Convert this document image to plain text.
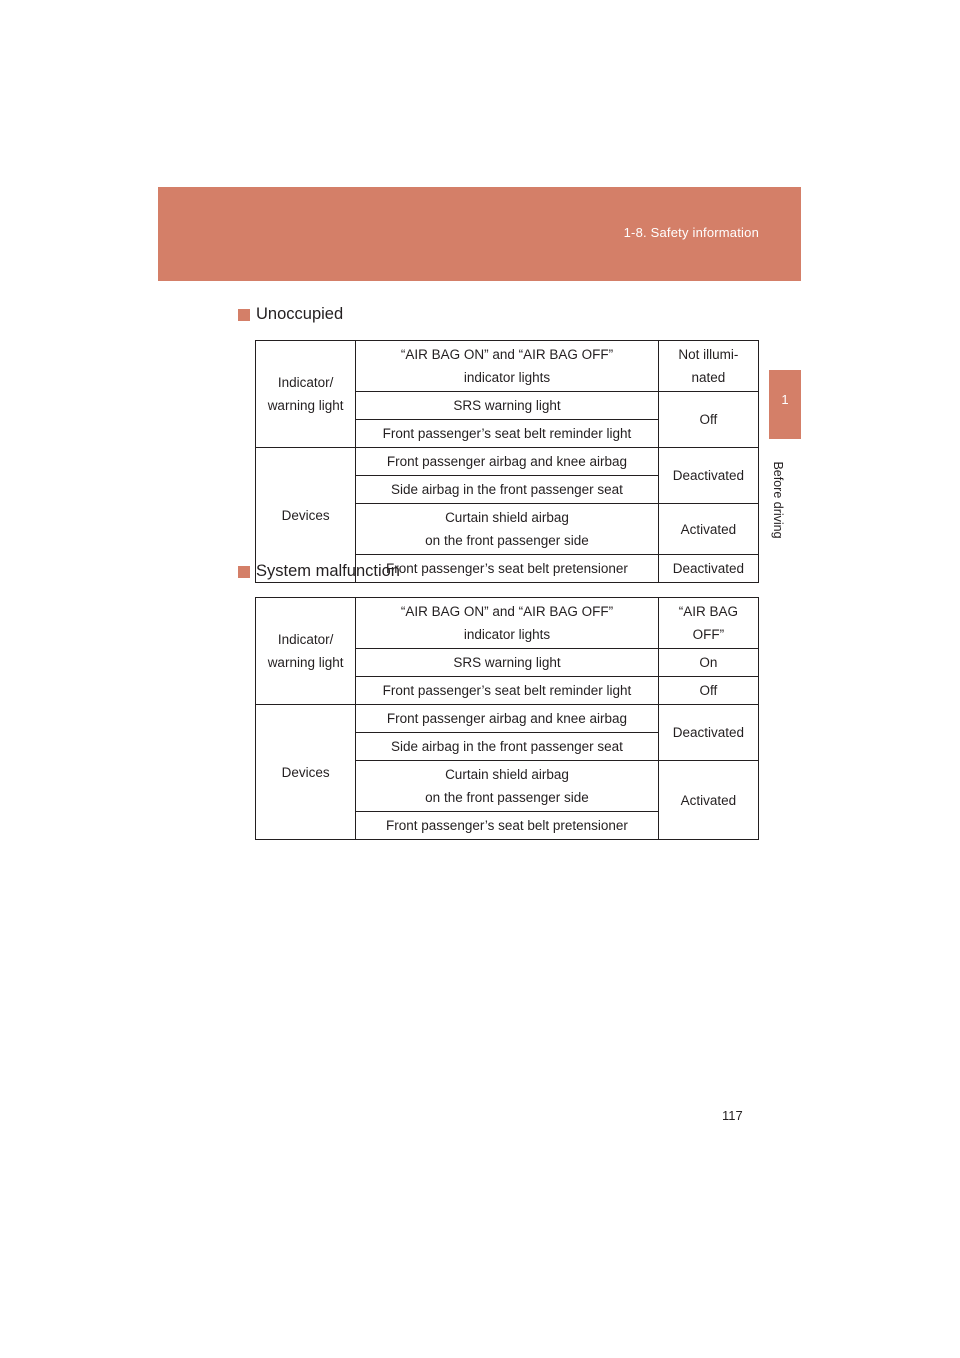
1-8. Safety information
1
Before driving
Unoccupied
Indicator/
warning light	“AIR BAG ON” and “AIR BAG OFF”
indicator lights	Not illumi-
nated
	SRS warning light	Off
	Front passenger’s seat belt reminder light	
Devices	Front passenger airbag and knee airbag	Deactivated
	Side airbag in the front passenger seat	
	Curtain shield airbag
on the front passenger side	Activated
	Front passenger’s seat belt pretensioner	Deactivated
System malfunction
Indicator/
warning light	“AIR BAG ON” and “AIR BAG OFF”
indicator lights	“AIR BAG
OFF”
	SRS warning light	On
	Front passenger’s seat belt reminder light	Off
Devices	Front passenger airbag and knee airbag	Deactivated
	Side airbag in the front passenger seat	
	Curtain shield airbag
on the front passenger side	Activated
	Front passenger’s seat belt pretensioner	
117
